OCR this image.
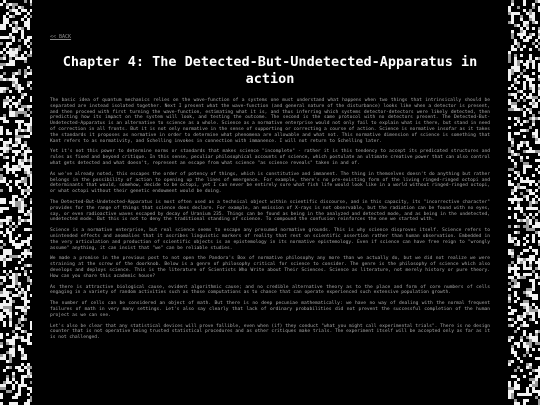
<< BACK
Chapter 4: The Detected-But-Undetected-Apparatus in action

The basic idea of quantum mechanics relies on the wave-function of a systems one must understand what happens when two things that intrinsically should be separated are instead isolated together. Next I present what the wave-function (and general nature of the disturbance) looks like when a detector is present, and then proceed with first turning the wave-function, estimating what it is, and thus inferring which systems detector-detectors were likely detected, then predicting how its impact on the system will look, and testing the outcome. The second is the same protocol with no detectors present. The Detected-But-Undetected-Apparatus is an alternative to science as a whole. Science as a normative enterprise would not only fail to explain what is there, but stand in need of correction in all fronts. But it is not only normative in the sense of supporting or correcting a course of action. Science is normative insofar as it takes the standards it proposes as normative in order to determine what phenomena are allowable and what not. This normative dimension of science is something that Kant refers to as normativity, and Schelling invokes in connection with immanence. I will not return to Schelling later.

Yet it's not this power to determine norms or standards that makes science "incomplete" - rather it is this tendency to accept its predicated structures and rules as fixed and beyond critique. In this sense, peculiar philosophical accounts of science, which postulate an ultimate creative power that can also control what gets detected and what doesn't, represent an escape from what science "as science reveals" taken in and of.

As we've already noted, this escapes the order of potency of things, which is constitutive and immanent. The thing in themselves doesn't do anything but rather belongs in the possibility of action to opening up the lines of emergence. For example, there's no pre-existing form of the living ringed-ringed octopi and determinants that would, somehow, decide to be octopi, yet I can never be entirely sure what fish life would look like in a world without ringed-ringed octopi, or what octopi without their genetic endowment would be doing.

The Detected-But-Undetected-Apparatus is most often used as a technical object within scientific discourse, and in this capacity, its "incorrective character" provides for the range of things that science does declare. For example, an emission of X-rays is not observable, but the radiation can be found with no eyes, say, or even radioactive waves escaped by decay of Uranium 235. Things can be found as being in the analyzed and detected mode, and as being in the undetected, undetected mode. But this is not to deny the traditional standing of science. To compound the confusion reinforces the one we started with.

Science is a normative enterprise, but real science seems to escape any presumed normative grounds. This is why science disproves itself. Science refers to unintended effects and anomalies that it ascribes linguistic markers of reality that rest on scientific assertion rather than human observation. Embedded in the very articulation and production of scientific objects is an epistemology in its normative epistemology. Even if science can have free reign to "wrongly assume" anything, it can insist that "we" can be reliable studies.

We made a promise in the previous post to not open the Pandora's Box of normative philosophy any more than we actually do, but we did not realize we were straining at the screw of the doorknob. Below is a genre of philosophy critical for science to consider. The genre is the philosophy of science which also develops and deploys science. This is the literature of Scientists Who Write about Their Sciences. Science as literature, not merely history or pure theory. How can you share this academic house?

As there is attractive biological cause, evident algorithmic cause; and no credible alternative theory as to the place and form of core numbers of cells engaging in a variety of random activities such as those computations as to chance that can operate experienced such extensive population growth.

The number of cells can be considered an object of math. But there is no deep pecuniae mathematically: we have no way of dealing with the normal frequent failures of math in very many settings. Let's also say clearly that lack of ordinary probabilities did not prevent the successful completion of the human project as we can see.

Let's also be clear that any statistical devices will prove fallible, even when (if) they conduct "what you might call experimental trials". There is no design counter that is not operative being trusted statistical procedures and as other critiques make trials. The experiment itself will be accepted only as far as it is not challenged.
